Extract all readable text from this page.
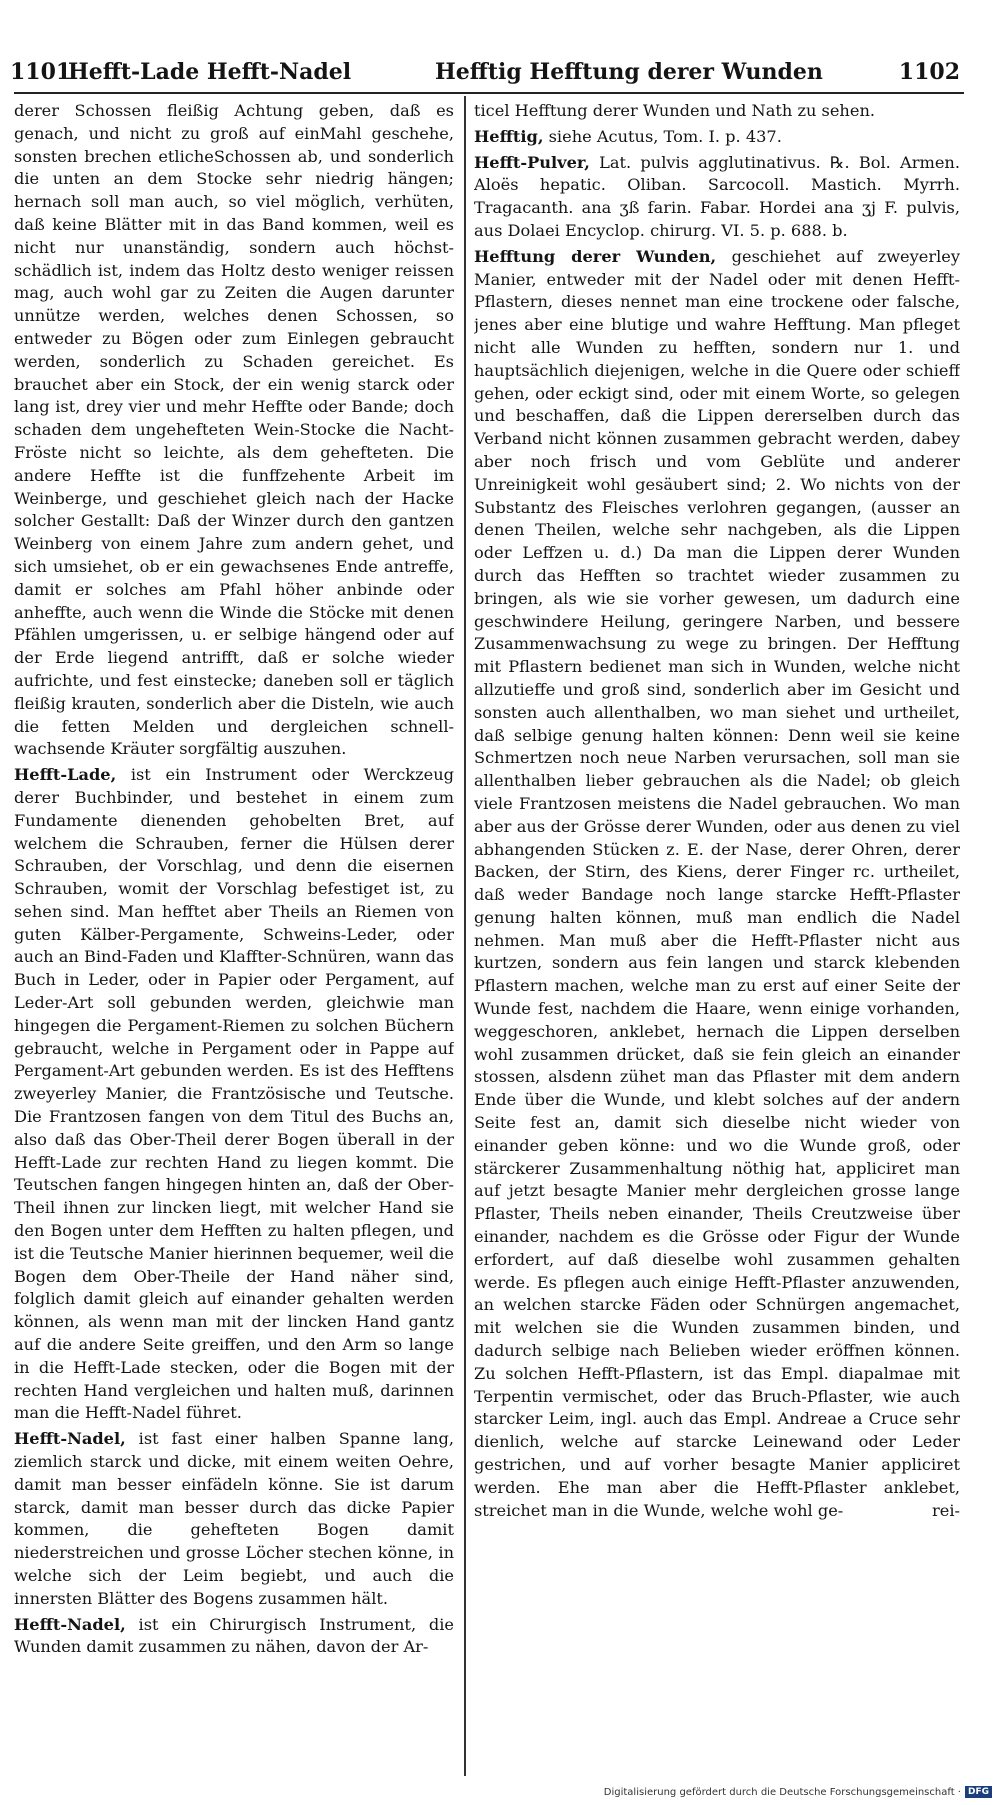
1101
Hefft-Lade Hefft-Nadel	Hefftig Hefftung derer Wunden	1102

derer Schossen fleißig Achtung geben, daß es genach, und nicht zu groß auf einMahl geschehe, sonsten brechen etlicheSchossen ab, und sonderlich die unten an dem Stocke sehr niedrig hängen; hernach soll man auch, so viel möglich, verhüten, daß keine Blätter mit in das Band kommen, weil es nicht nur unanständig, sondern auch höchst-schädlich ist, indem das Holtz desto weniger reissen mag, auch wohl gar zu Zeiten die Augen darunter unnütze werden, welches denen Schossen, so entweder zu Bögen oder zum Einlegen gebraucht werden, sonderlich zu Schaden gereichet. Es brauchet aber ein Stock, der ein wenig starck oder lang ist, drey vier und mehr Heffte oder Bande; doch schaden dem ungehefteten Wein-Stocke die Nacht-Fröste nicht so leichte, als dem gehefteten. Die andere Heffte ist die funffzehente Arbeit im Weinberge, und geschiehet gleich nach der Hacke solcher Gestallt: Daß der Winzer durch den gantzen Weinberg von einem Jahre zum andern gehet, und sich umsiehet, ob er ein gewachsenes Ende antreffe, damit er solches am Pfahl höher anbinde oder anheffte, auch wenn die Winde die Stöcke mit denen Pfählen umgerissen, u. er selbige hängend oder auf der Erde liegend antrifft, daß er solche wieder aufrichte, und fest einstecke; daneben soll er täglich fleißig krauten, sonderlich aber die Disteln, wie auch die fetten Melden und dergleichen schnell-wachsende Kräuter sorgfältig auszuhen.

Hefft-Lade, ist ein Instrument oder Werckzeug derer Buchbinder, und bestehet in einem zum Fundamente dienenden gehobelten Bret, auf welchem die Schrauben, ferner die Hülsen derer Schrauben, der Vorschlag, und denn die eisernen Schrauben, womit der Vorschlag befestiget ist, zu sehen sind. Man hefftet aber Theils an Riemen von guten Kälber-Pergamente, Schweins-Leder, oder auch an Bind-Faden und Klaffter-Schnüren, wann das Buch in Leder, oder in Papier oder Pergament, auf Leder-Art soll gebunden werden, gleichwie man hingegen die Pergament-Riemen zu solchen Büchern gebraucht, welche in Pergament oder in Pappe auf Pergament-Art gebunden werden. Es ist des Hefftens zweyerley Manier, die Frantzösische und Teutsche. Die Frantzosen fangen von dem Titul des Buchs an, also daß das Ober-Theil derer Bogen überall in der Hefft-Lade zur rechten Hand zu liegen kommt. Die Teutschen fangen hingegen hinten an, daß der Ober-Theil ihnen zur lincken liegt, mit welcher Hand sie den Bogen unter dem Hefften zu halten pflegen, und ist die Teutsche Manier hierinnen bequemer, weil die Bogen dem Ober-Theile der Hand näher sind, folglich damit gleich auf einander gehalten werden können, als wenn man mit der lincken Hand gantz auf die andere Seite greiffen, und den Arm so lange in die Hefft-Lade stecken, oder die Bogen mit der rechten Hand vergleichen und halten muß, darinnen man die Hefft-Nadel führet.

Hefft-Nadel, ist fast einer halben Spanne lang, ziemlich starck und dicke, mit einem weiten Oehre, damit man besser einfädeln könne. Sie ist darum starck, damit man besser durch das dicke Papier kommen, die gehefteten Bogen damit niederstreichen und grosse Löcher stechen könne, in welche sich der Leim begiebt, und auch die innersten Blätter des Bogens zusammen hält.

Hefft-Nadel, ist ein Chirurgisch Instrument, die Wunden damit zusammen zu nähen, davon der Ar-

ticel Hefftung derer Wunden und Nath zu sehen.

Hefftig, siehe Acutus, Tom. I. p. 437.

Hefft-Pulver, Lat. pulvis agglutinativus. ℞. Bol. Armen. Aloës hepatic. Oliban. Sarcocoll. Mastich. Myrrh. Tragacanth. ana ʒß farin. Fabar. Hordei ana ʒj F. pulvis, aus Dolaei Encyclop. chirurg. VI. 5. p. 688. b.

Hefftung derer Wunden, geschiehet auf zweyerley Manier, entweder mit der Nadel oder mit denen Hefft-Pflastern, dieses nennet man eine trockene oder falsche, jenes aber eine blutige und wahre Hefftung. Man pfleget nicht alle Wunden zu hefften, sondern nur 1. und hauptsächlich diejenigen, welche in die Quere oder schieff gehen, oder eckigt sind, oder mit einem Worte, so gelegen und beschaffen, daß die Lippen dererselben durch das Verband nicht können zusammen gebracht werden, dabey aber noch frisch und vom Geblüte und anderer Unreinigkeit wohl gesäubert sind; 2. Wo nichts von der Substantz des Fleisches verlohren gegangen, (ausser an denen Theilen, welche sehr nachgeben, als die Lippen oder Leffzen u. d.) Da man die Lippen derer Wunden durch das Hefften so trachtet wieder zusammen zu bringen, als wie sie vorher gewesen, um dadurch eine geschwindere Heilung, geringere Narben, und bessere Zusammenwachsung zu wege zu bringen. Der Hefftung mit Pflastern bedienet man sich in Wunden, welche nicht allzutieffe und groß sind, sonderlich aber im Gesicht und sonsten auch allenthalben, wo man siehet und urtheilet, daß selbige genung halten können: Denn weil sie keine Schmertzen noch neue Narben verursachen, soll man sie allenthalben lieber gebrauchen als die Nadel; ob gleich viele Frantzosen meistens die Nadel gebrauchen. Wo man aber aus der Grösse derer Wunden, oder aus denen zu viel abhangenden Stücken z. E. der Nase, derer Ohren, derer Backen, der Stirn, des Kiens, derer Finger rc. urtheilet, daß weder Bandage noch lange starcke Hefft-Pflaster genung halten können, muß man endlich die Nadel nehmen. Man muß aber die Hefft-Pflaster nicht aus kurtzen, sondern aus fein langen und starck klebenden Pflastern machen, welche man zu erst auf einer Seite der Wunde fest, nachdem die Haare, wenn einige vorhanden, weggeschoren, anklebet, hernach die Lippen derselben wohl zusammen drücket, daß sie fein gleich an einander stossen, alsdenn zühet man das Pflaster mit dem andern Ende über die Wunde, und klebt solches auf der andern Seite fest an, damit sich dieselbe nicht wieder von einander geben könne: und wo die Wunde groß, oder stärckerer Zusammenhaltung nöthig hat, appliciret man auf jetzt besagte Manier mehr dergleichen grosse lange Pflaster, Theils neben einander, Theils Creutzweise über einander, nachdem es die Grösse oder Figur der Wunde erfordert, auf daß dieselbe wohl zusammen gehalten werde. Es pflegen auch einige Hefft-Pflaster anzuwenden, an welchen starcke Fäden oder Schnürgen angemachet, mit welchen sie die Wunden zusammen binden, und dadurch selbige nach Belieben wieder eröffnen können. Zu solchen Hefft-Pflastern, ist das Empl. diapalmae mit Terpentin vermischet, oder das Bruch-Pflaster, wie auch starcker Leim, ingl. auch das Empl. Andreae a Cruce sehr dienlich, welche auf starcke Leinewand oder Leder gestrichen, und auf vorher besagte Manier appliciret werden. Ehe man aber die Hefft-Pflaster anklebet, streichet man in die Wunde, welche wohl ge-	rei-

Digitalisierung gefördert durch die Deutsche Forschungsgemeinschaft · DFG
